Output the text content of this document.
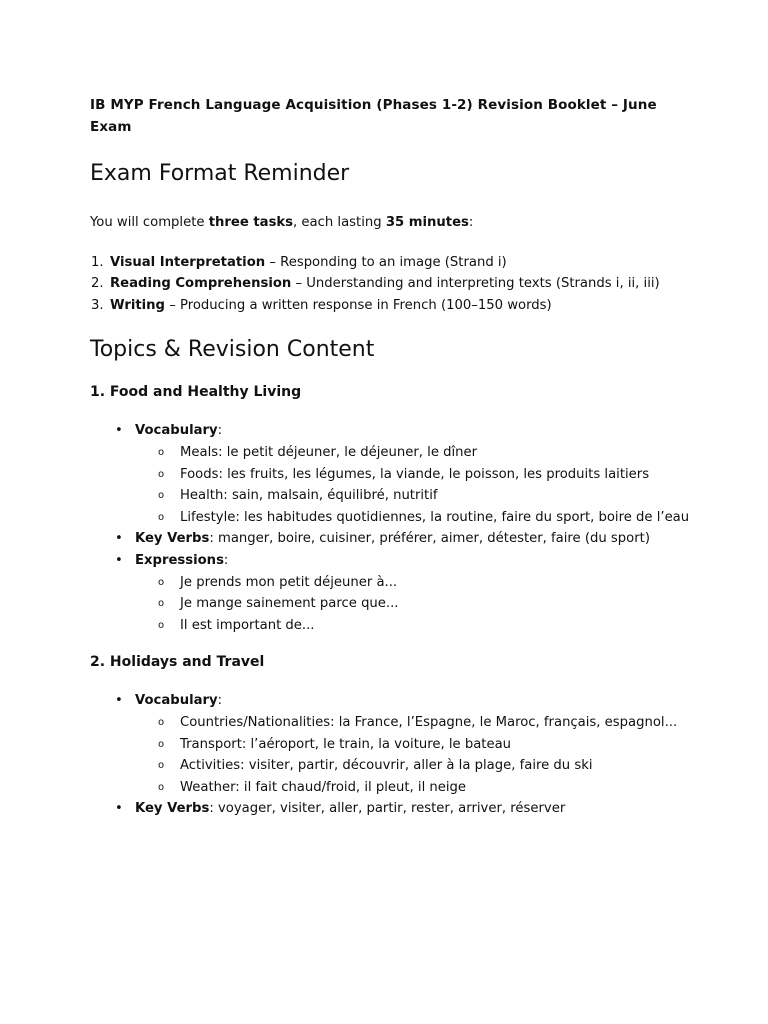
IB MYP French Language Acquisition (Phases 1-2) Revision Booklet – June Exam

Exam Format Reminder

You will complete three tasks, each lasting 35 minutes:

1. Visual Interpretation – Responding to an image (Strand i)
2. Reading Comprehension – Understanding and interpreting texts (Strands i, ii, iii)
3. Writing – Producing a written response in French (100–150 words)
Topics & Revision Content
1. Food and Healthy Living
• Vocabulary:
o Meals: le petit déjeuner, le déjeuner, le dîner
o Foods: les fruits, les légumes, la viande, le poisson, les produits laitiers
o Health: sain, malsain, équilibré, nutritif
o Lifestyle: les habitudes quotidiennes, la routine, faire du sport, boire de l’eau
• Key Verbs: manger, boire, cuisiner, préférer, aimer, détester, faire (du sport)
• Expressions:
o Je prends mon petit déjeuner à...
o Je mange sainement parce que...
o Il est important de...
2. Holidays and Travel
• Vocabulary:
o Countries/Nationalities: la France, l’Espagne, le Maroc, français, espagnol...
o Transport: l’aéroport, le train, la voiture, le bateau
o Activities: visiter, partir, découvrir, aller à la plage, faire du ski
o Weather: il fait chaud/froid, il pleut, il neige
• Key Verbs: voyager, visiter, aller, partir, rester, arriver, réserver
